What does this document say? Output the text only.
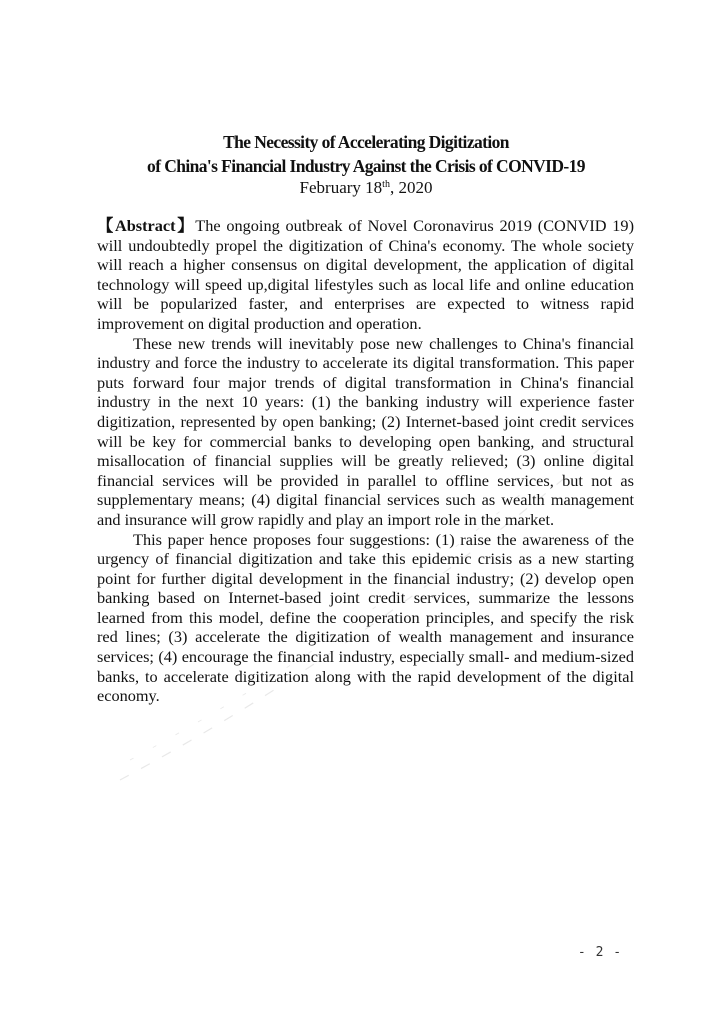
The Necessity of Accelerating Digitization
of China's Financial Industry Against the Crisis of CONVID-19
February 18th, 2020

【Abstract】The ongoing outbreak of Novel Coronavirus 2019 (CONVID 19) will undoubtedly propel the digitization of China's economy. The whole society will reach a higher consensus on digital development, the application of digital technology will speed up,digital lifestyles such as local life and online education will be popularized faster, and enterprises are expected to witness rapid improvement on digital production and operation.

These new trends will inevitably pose new challenges to China's financial industry and force the industry to accelerate its digital transformation. This paper puts forward four major trends of digital transformation in China's financial industry in the next 10 years: (1) the banking industry will experience faster digitization, represented by open banking; (2) Internet-based joint credit services will be key for commercial banks to developing open banking, and structural misallocation of financial supplies will be greatly relieved; (3) online digital financial services will be provided in parallel to offline services, but not as supplementary means; (4) digital financial services such as wealth management and insurance will grow rapidly and play an import role in the market.

This paper hence proposes four suggestions: (1) raise the awareness of the urgency of financial digitization and take this epidemic crisis as a new starting point for further digital development in the financial industry; (2) develop open banking based on Internet-based joint credit services, summarize the lessons learned from this model, define the cooperation principles, and specify the risk red lines; (3) accelerate the digitization of wealth management and insurance services; (4) encourage the financial industry, especially small- and medium-sized banks, to accelerate digitization along with the rapid development of the digital economy.

- 2 -
